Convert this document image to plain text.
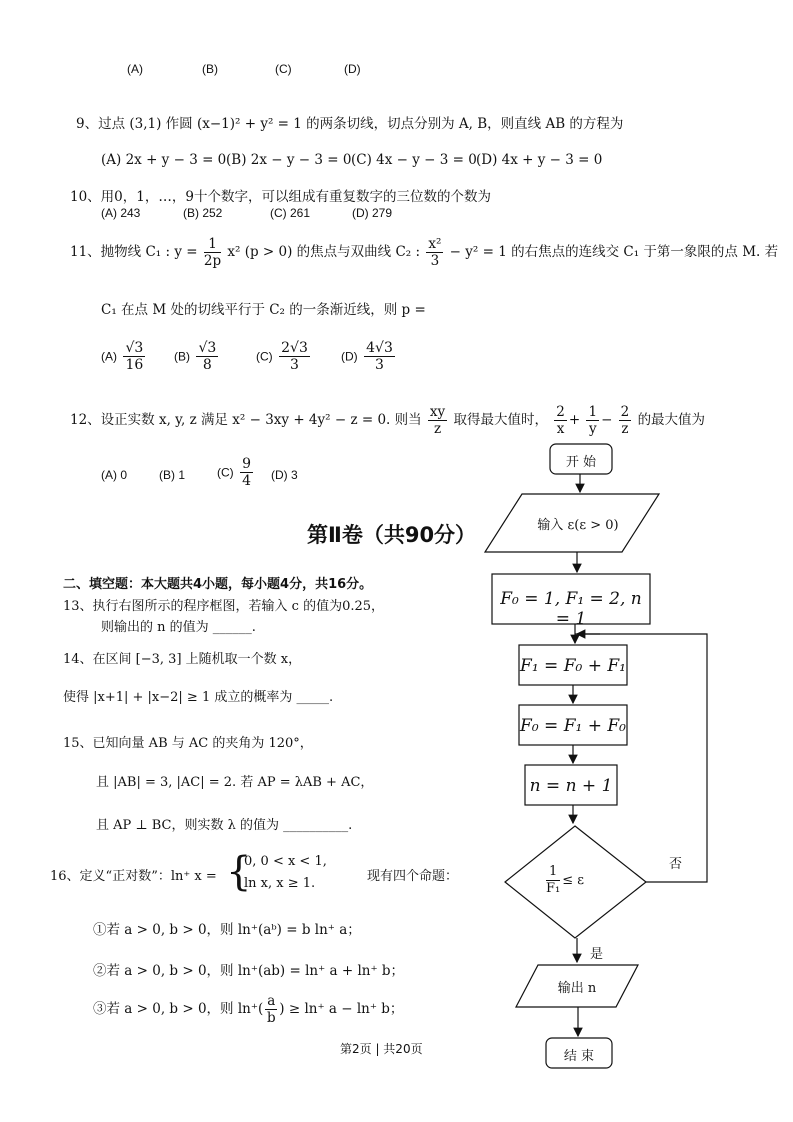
(A)	(B)	(C)	(D)
9、过点 (3,1) 作圆 (x−1)² + y² = 1 的两条切线，切点分别为 A, B，则直线 AB 的方程为
(A) 2x + y − 3 = 0 (B) 2x − y − 3 = 0 (C) 4x − y − 3 = 0 (D) 4x + y − 3 = 0
10、用0，1，…，9十个数字，可以组成有重复数字的三位数的个数为
(A) 243	(B) 252	(C) 261	(D) 279
11、抛物线 C₁ : $y = \frac{1}{2p} x^2$ (p > 0) 的焦点与双曲线 C₂ : $\frac{\text{x²}}{3} - y^2 = 1$ 的右焦点的连线交 C₁ 于第一象限的点 M. 若
C₁ 在点 M 处的切线平行于 C₂ 的一条渐近线，则 p =
$(A) \frac{√3}{16} (B) \frac{√3}{8}$	$(C) \frac{2√3}{3}$	$(D) \frac{4√3}{3}$
12、设正实数 x, y, z 满足 x² − 3xy + 4y² − z = 0. 则当 $\frac{xy}{z}$ 取得最大值时， $\frac{2}{x} + \frac{1}{y} - \frac{2}{z}$ 的最大值为
(A) 0	(B) 1	$(C) \frac{9}{4} (D)$ 3
第Ⅱ卷（共90分）
二、填空题：本大题共4小题，每小题4分，共16分。
13、执行右图所示的程序框图，若输入 c 的值为0.25，
则输出的 n 的值为 ______.
14、在区间 [−3, 3] 上随机取一个数 x，
使得 |x+1| + |x−2| ≥ 1 成立的概率为 _____.
15、已知向量 AB 与 AC 的夹角为 120°，
且 |AB| = 3, |AC| = 2. 若 AP = λAB + AC，
且 AP ⊥ BC，则实数 λ 的值为 __________.
16、定义“正对数”：ln⁺ x = {
0, 0 < x < 1,
ln x, x ≥ 1.	现有四个命题：
①若 a > 0, b > 0，则 ln⁺(aᵇ) = b ln⁺ a；
②若 a > 0, b > 0，则 ln⁺(ab) = ln⁺ a + ln⁺ b；
③若 a > 0, b > 0，则 $\ln^+( \frac{a}{b}$ ) ≥ ln⁺ a − ln⁺ b；
开 始
输入 ε(ε > 0)
F₀ = 1, F₁ = 2, n = 1
F₁ = F₀ + F₁
F₀ = F₁ + F₀
n = n + 1
$\frac{1}{\text{F₁}} \le \varepsilon$
否
是
输出 n
结 束
第2页 | 共20页
